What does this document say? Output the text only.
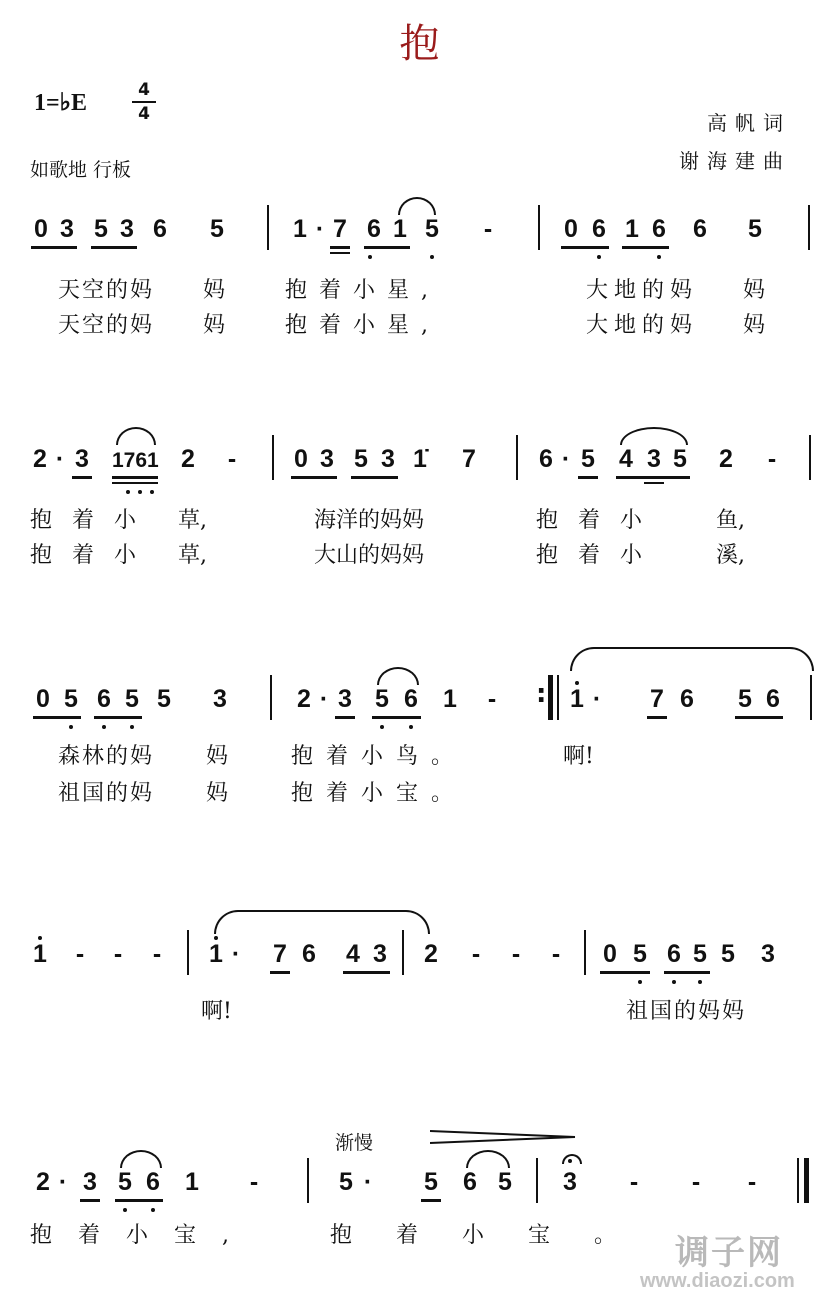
抱
1=♭E	4
4
如歌地 行板
高帆词
谢海建曲
0 3 5 3 6 5	1 · 7 6 1 5 -	0 6 1 6 6 5
天空的妈 妈	抱着小星,	大地的妈 妈
天空的妈 妈	抱着小星,	大地的妈 妈
2 · 3 1761 2 - 0 3 5 3 1̇ 7	6 · 5 4 3 5 2 -
抱着小 草,	海洋的妈妈	抱着小 鱼,
抱着小 草,	大山的妈妈	抱着小 溪,
0 5 6 5 5 3	2 · 3 5 6 1 - : 1 · 7 6 5 6
森林的妈 妈	抱着小鸟。	啊!
祖国的妈 妈	抱着小宝。
1 - - - 1 · 7 6 4 3 2 - - - 0 5 6 5 5 3
啊!	祖国的妈妈
渐慢
2 · 3 5 6 1 -	5 · 5 6 5 3 - - -
抱着小宝,	抱着小宝。 调子网
www.diaozi.com
